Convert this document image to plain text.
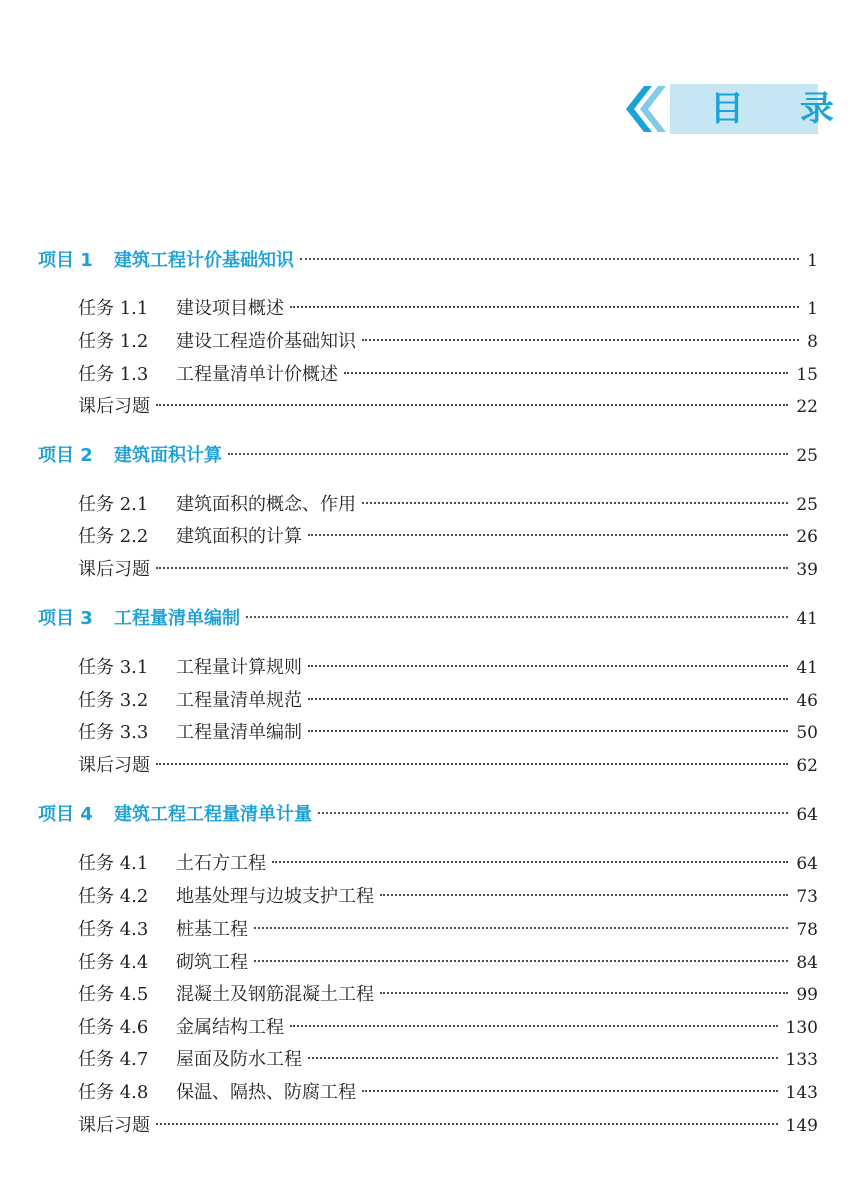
目 录
项目 1 建筑工程计价基础知识	1
任务 1.1 建设项目概述	1
任务 1.2 建设工程造价基础知识	8
任务 1.3 工程量清单计价概述	15
课后习题	22
项目 2 建筑面积计算	25
任务 2.1 建筑面积的概念、作用	25
任务 2.2 建筑面积的计算	26
课后习题	39
项目 3 工程量清单编制	41
任务 3.1 工程量计算规则	41
任务 3.2 工程量清单规范	46
任务 3.3 工程量清单编制	50
课后习题	62
项目 4 建筑工程工程量清单计量	64
任务 4.1 土石方工程	64
任务 4.2 地基处理与边坡支护工程	73
任务 4.3 桩基工程	78
任务 4.4 砌筑工程	84
任务 4.5 混凝土及钢筋混凝土工程	99
任务 4.6 金属结构工程	130
任务 4.7 屋面及防水工程	133
任务 4.8 保温、隔热、防腐工程	143
课后习题	149
